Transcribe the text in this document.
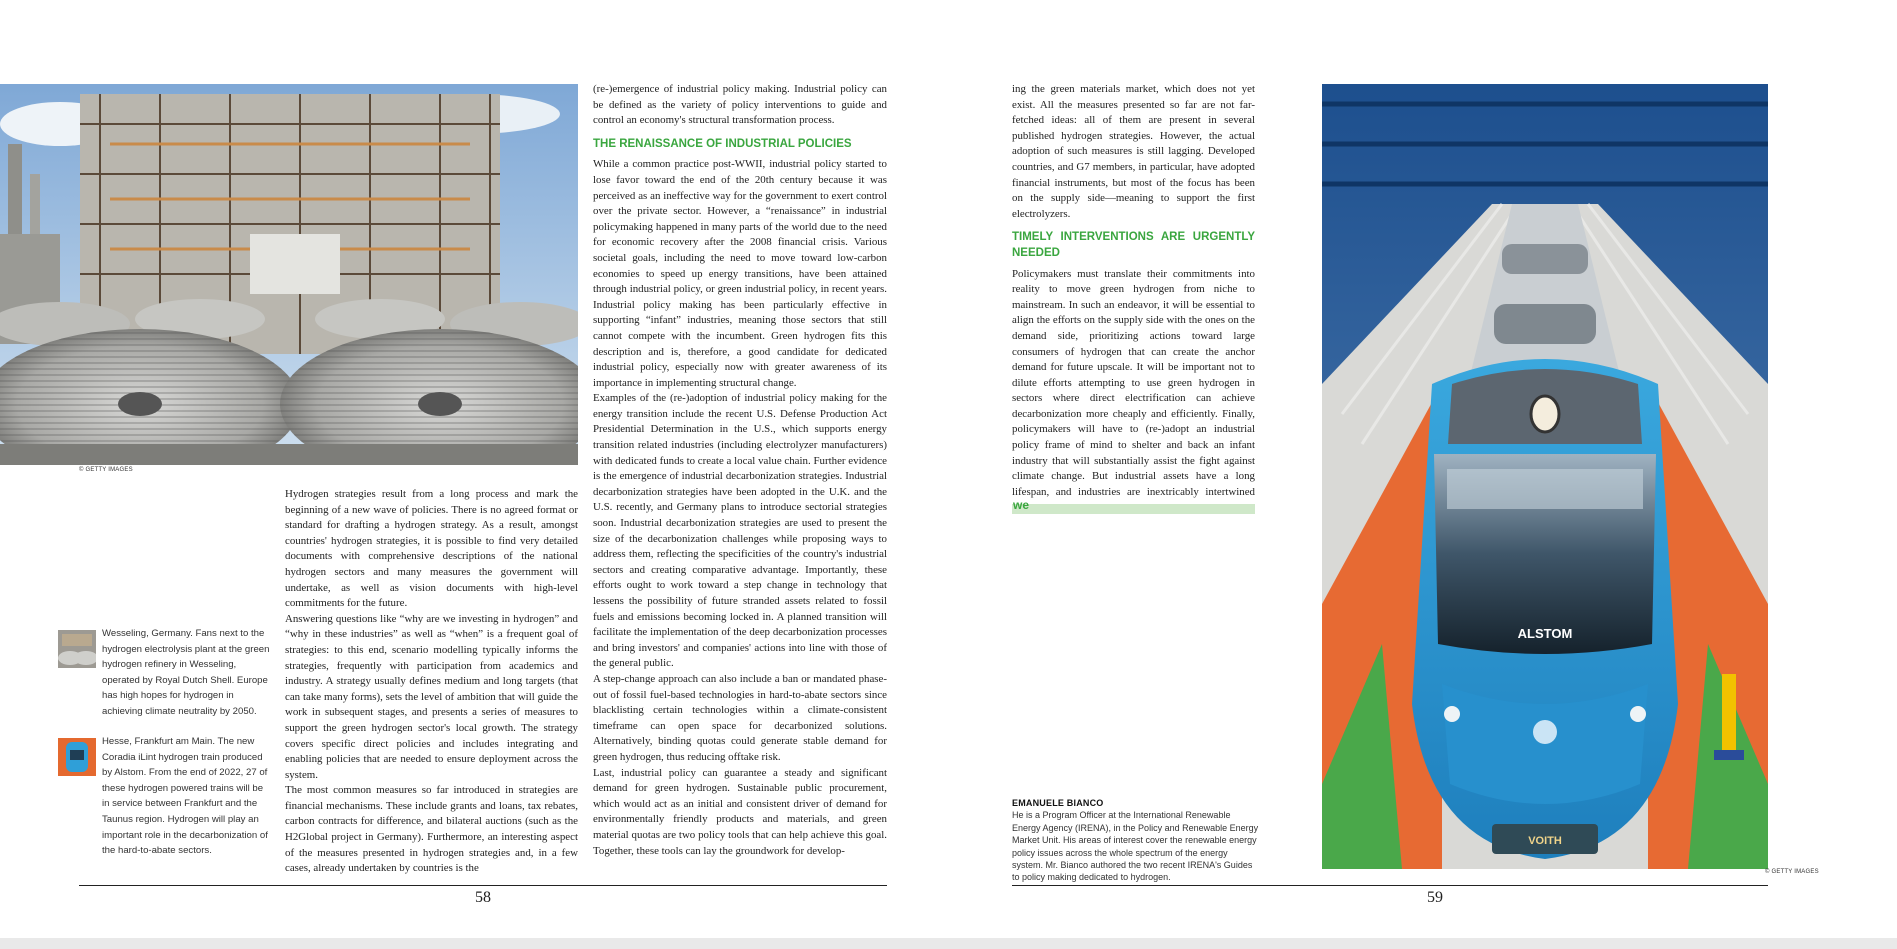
© GETTY IMAGES
Wesseling, Germany. Fans next to the hydrogen electrolysis plant at the green hydrogen refinery in Wesseling, operated by Royal Dutch Shell. Europe has high hopes for hydrogen in achieving climate neutrality by 2050.
Hesse, Frankfurt am Main. The new Coradia iLint hydrogen train produced by Alstom. From the end of 2022, 27 of these hydrogen powered trains will be in service between Frankfurt and the Taunus region. Hydrogen will play an important role in the decarbonization of the hard-to-abate sectors.

Hydrogen strategies result from a long process and mark the beginning of a new wave of policies. There is no agreed format or standard for drafting a hydrogen strategy. As a result, amongst countries' hydrogen strategies, it is possible to find very detailed documents with comprehensive descriptions of the national hydrogen sectors and many measures the government will undertake, as well as vision documents with high-level commitments for the future.

Answering questions like “why are we investing in hydrogen” and “why in these industries” as well as “when” is a frequent goal of strategies: to this end, scenario modelling typically informs the strategies, frequently with participation from academics and industry. A strategy usually defines medium and long targets (that can take many forms), sets the level of ambition that will guide the work in subsequent stages, and presents a series of measures to support the green hydrogen sector's local growth. The strategy covers specific direct policies and includes integrating and enabling policies that are needed to ensure deployment across the system.

The most common measures so far introduced in strategies are financial mechanisms. These include grants and loans, tax rebates, carbon contracts for difference, and bilateral auctions (such as the H2Global project in Germany). Furthermore, an interesting aspect of the measures presented in hydrogen strategies and, in a few cases, already undertaken by countries is the

(re-)emergence of industrial policy making. Industrial policy can be defined as the variety of policy interventions to guide and control an economy's structural transformation process.

THE RENAISSANCE OF INDUSTRIAL POLICIES

While a common practice post-WWII, industrial policy started to lose favor toward the end of the 20th century because it was perceived as an ineffective way for the government to exert control over the private sector. However, a “renaissance” in industrial policymaking happened in many parts of the world due to the need for economic recovery after the 2008 financial crisis. Various societal goals, including the need to move toward low-carbon economies to speed up energy transitions, have been attained through industrial policy, or green industrial policy, in recent years. Industrial policy making has been particularly effective in supporting “infant” industries, meaning those sectors that still cannot compete with the incumbent. Green hydrogen fits this description and is, therefore, a good candidate for dedicated industrial policy, especially now with greater awareness of its importance in implementing structural change.

Examples of the (re-)adoption of industrial policy making for the energy transition include the recent U.S. Defense Production Act Presidential Determination in the U.S., which supports energy transition related industries (including electrolyzer manufacturers) with dedicated funds to create a local value chain. Further evidence is the emergence of industrial decarbonization strategies. Industrial decarbonization strategies have been adopted in the U.K. and the U.S. recently, and Germany plans to introduce sectorial strategies soon. Industrial decarbonization strategies are used to present the size of the decarbonization challenges while proposing ways to address them, reflecting the specificities of the country's industrial sectors and creating comparative advantage. Importantly, these efforts ought to work toward a step change in technology that lessens the possibility of future stranded assets related to fossil fuels and emissions becoming locked in. A planned transition will facilitate the implementation of the deep decarbonization processes and bring investors' and companies' actions into line with those of the general public.

A step-change approach can also include a ban or mandated phase-out of fossil fuel-based technologies in hard-to-abate sectors since blacklisting certain technologies within a climate-consistent timeframe can open space for decarbonized solutions. Alternatively, binding quotas could generate stable demand for green hydrogen, thus reducing offtake risk.

Last, industrial policy can guarantee a steady and significant demand for green hydrogen. Sustainable public procurement, which would act as an initial and consistent driver of demand for environmentally friendly products and materials, and green material quotas are two policy tools that can help achieve this goal. Together, these tools can lay the groundwork for develop-

58

ing the green materials market, which does not yet exist. All the measures presented so far are not far-fetched ideas: all of them are present in several published hydrogen strategies. However, the actual adoption of such measures is still lagging. Developed countries, and G7 members, in particular, have adopted financial instruments, but most of the focus has been on the supply side—meaning to support the first electrolyzers.

TIMELY INTERVENTIONS ARE URGENTLY NEEDED

Policymakers must translate their commitments into reality to move green hydrogen from niche to mainstream. In such an endeavor, it will be essential to align the efforts on the supply side with the ones on the demand side, prioritizing actions toward large consumers of hydrogen that can create the anchor demand for future upscale. It will be important not to dilute efforts attempting to use green hydrogen in sectors where direct electrification can achieve decarbonization more cheaply and efficiently. Finally, policymakers will have to (re-)adopt an industrial policy frame of mind to shelter and back an infant industry that will substantially assist the fight against climate change. But industrial assets have a long lifespan, and industries are inextricably intertwined

we
EMANUELE BIANCO
He is a Program Officer at the International Renewable Energy Agency (IRENA), in the Policy and Renewable Energy Market Unit. His areas of interest cover the renewable energy policy issues across the whole spectrum of the energy system. Mr. Bianco authored the two recent IRENA's Guides to policy making dedicated to hydrogen.
ALSTOM
VOITH
© GETTY IMAGES
59
